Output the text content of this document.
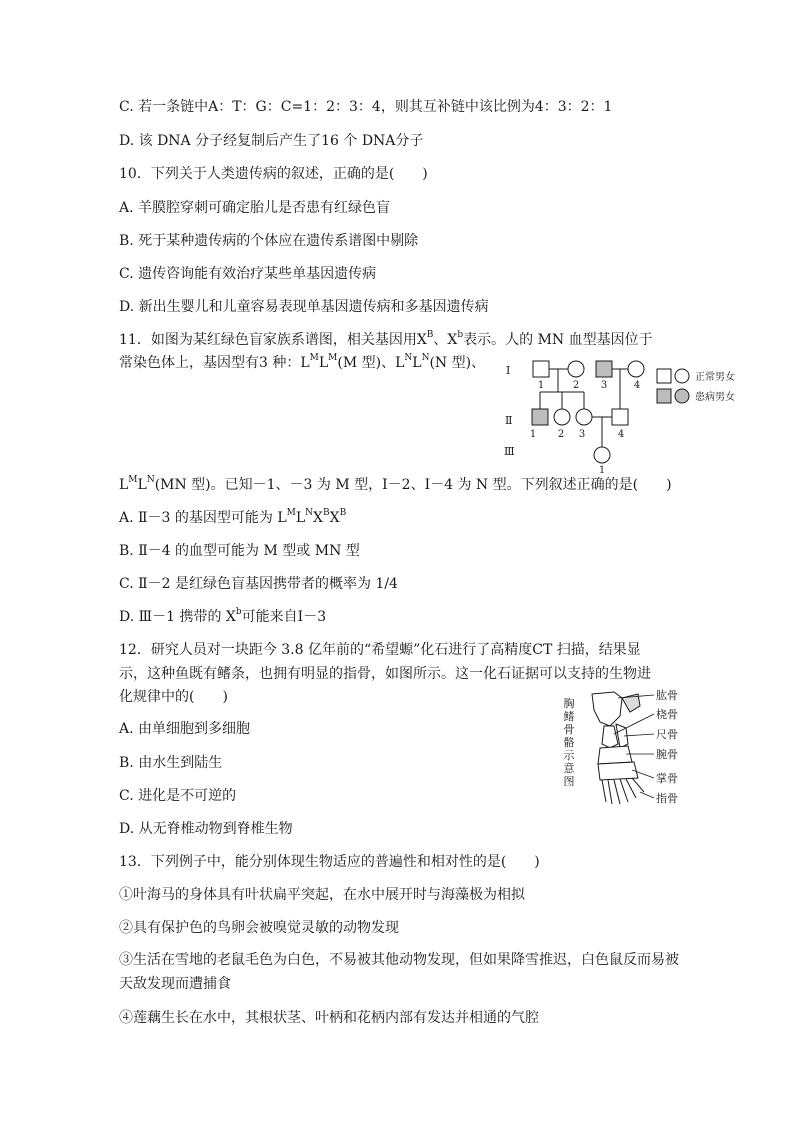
C. 若一条链中A：T：G：C=1：2：3：4，则其互补链中该比例为4：3：2：1
D. 该 DNA 分子经复制后产生了16 个 DNA分子
10．下列关于人类遗传病的叙述，正确的是(　　)
A. 羊膜腔穿刺可确定胎儿是否患有红绿色盲
B. 死于某种遗传病的个体应在遗传系谱图中剔除
C. 遗传咨询能有效治疗某些单基因遗传病
D. 新出生婴儿和儿童容易表现单基因遗传病和多基因遗传病
11．如图为某红绿色盲家族系谱图，相关基因用$X^B$、$X^b$表示。人的 MN 血型基因位于
常染色体上，基因型有3 种：$L^ML^M(M$ 型)、$L^NL^N(N$ 型)、 Ⅰ
Ⅱ
Ⅲ
1	2 3	4
1 2 3	4
1
正常男女
患病男女
$L^ML^N(MN$ 型)。已知－1、－3 为 M 型，Ⅰ－2、Ⅰ－4 为 N 型。下列叙述正确的是(　　)
A. Ⅱ－3 的基因型可能为 $L^ML^NX^BX^B$
B. Ⅱ－4 的血型可能为 M 型或 MN 型
C. Ⅱ－2 是红绿色盲基因携带者的概率为 1/4
D. Ⅲ－1 携带的 $X^b$可能来自Ⅰ－3
12．研究人员对一块距今 3.8 亿年前的“希望螈”化石进行了高精度CT 扫描，结果显
示，这种鱼既有鳍条，也拥有明显的指骨，如图所示。这一化石证据可以支持的生物进
化规律中的(　　)
A. 由单细胞到多细胞
B. 由水生到陆生
C. 进化是不可逆的
D. 从无脊椎动物到脊椎生物
胸鳍骨骼示意图
肱骨
桡骨
尺骨
腕骨
掌骨
指骨
13．下列例子中，能分别体现生物适应的普遍性和相对性的是(　　)
①叶海马的身体具有叶状扁平突起，在水中展开时与海藻极为相拟
②具有保护色的鸟卵会被嗅觉灵敏的动物发现
③生活在雪地的老鼠毛色为白色，不易被其他动物发现，但如果降雪推迟，白色鼠反而易被天敌发现而遭捕食
④莲藕生长在水中，其根状茎、叶柄和花柄内部有发达并相通的气腔
